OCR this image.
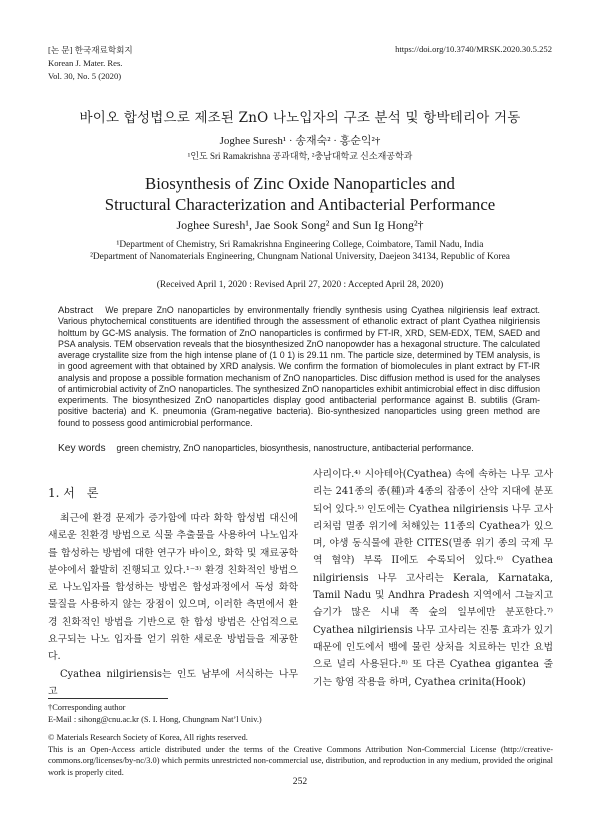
[논 문] 한국재료학회지
Korean J. Mater. Res.
Vol. 30, No. 5 (2020)
https://doi.org/10.3740/MRSK.2020.30.5.252
바이오 합성법으로 제조된 ZnO 나노입자의 구조 분석 및 항박테리아 거동
Joghee Suresh¹ · 송재숙² · 홍순익²†
¹인도 Sri Ramakrishna 공과대학, ²충남대학교 신소재공학과
Biosynthesis of Zinc Oxide Nanoparticles and
Structural Characterization and Antibacterial Performance
Joghee Suresh¹, Jae Sook Song² and Sun Ig Hong²†
¹Department of Chemistry, Sri Ramakrishna Engineering College, Coimbatore, Tamil Nadu, India
²Department of Nanomaterials Engineering, Chungnam National University, Daejeon 34134, Republic of Korea
(Received April 1, 2020 : Revised April 27, 2020 : Accepted April 28, 2020)
Abstract We prepare ZnO nanoparticles by environmentally friendly synthesis using Cyathea nilgiriensis leaf extract. Various phytochemical constituents are identified through the assessment of ethanolic extract of plant Cyathea nilgiriensis holttum by GC-MS analysis. The formation of ZnO nanoparticles is confirmed by FT-IR, XRD, SEM-EDX, TEM, SAED and PSA analysis. TEM observation reveals that the biosynthesized ZnO nanopowder has a hexagonal structure. The calculated average crystallite size from the high intense plane of (1 0 1) is 29.11 nm. The particle size, determined by TEM analysis, is in good agreement with that obtained by XRD analysis. We confirm the formation of biomolecules in plant extract by FT-IR analysis and propose a possible formation mechanism of ZnO nanoparticles. Disc diffusion method is used for the analyses of antimicrobial activity of ZnO nanoparticles. The synthesized ZnO nanoparticles exhibit antimicrobial effect in disc diffusion experiments. The biosynthesized ZnO nanoparticles display good antibacterial performance against B. subtilis (Gram-positive bacteria) and K. pneumonia (Gram-negative bacteria). Bio-synthesized nanoparticles using green method are found to possess good antimicrobial performance.
Key words green chemistry, ZnO nanoparticles, biosynthesis, nanostructure, antibacterial performance.
1. 서　론

최근에 환경 문제가 증가함에 따라 화학 합성법 대신에 새로운 친환경 방법으로 식물 추출물을 사용하여 나노입자를 합성하는 방법에 대한 연구가 바이오, 화학 및 재료공학 분야에서 활발히 진행되고 있다.¹⁻³⁾ 환경 친화적인 방법으로 나노입자를 합성하는 방법은 합성과정에서 독성 화학 물질을 사용하지 않는 장점이 있으며, 이러한 측면에서 환경 친화적인 방법을 기반으로 한 합성 방법은 산업적으로 요구되는 나노 입자를 얻기 위한 새로운 방법들을 제공한다.

Cyathea nilgiriensis는 인도 남부에 서식하는 나무 고

사리이다.⁴⁾ 시아테아(Cyathea) 속에 속하는 나무 고사리는 241종의 종(種)과 4종의 잡종이 산악 지대에 분포되어 있다.⁵⁾ 인도에는 Cyathea nilgiriensis 나무 고사리처럼 멸종 위기에 처해있는 11종의 Cyathea가 있으며, 야생 동식물에 관한 CITES(멸종 위기 종의 국제 무역 협약) 부록 II에도 수록되어 있다.⁶⁾ Cyathea nilgiriensis 나무 고사리는 Kerala, Karnataka, Tamil Nadu 및 Andhra Pradesh 지역에서 그늘지고 습기가 많은 시내 쪽 숲의 일부에만 분포한다.⁷⁾ Cyathea nilgiriensis 나무 고사리는 진통 효과가 있기 때문에 인도에서 뱀에 물린 상처을 치료하는 민간 요법으로 널리 사용된다.⁸⁾ 또 다른 Cyathea gigantea 줄기는 항염 작용을 하며, Cyathea crinita(Hook)

†Corresponding author
E-Mail : sihong@cnu.ac.kr (S. I. Hong, Chungnam Nat’l Univ.)
© Materials Research Society of Korea, All rights reserved.
This is an Open-Access article distributed under the terms of the Creative Commons Attribution Non-Commercial License (http://creative-commons.org/licenses/by-nc/3.0) which permits unrestricted non-commercial use, distribution, and reproduction in any medium, provided the original work is properly cited.
252
